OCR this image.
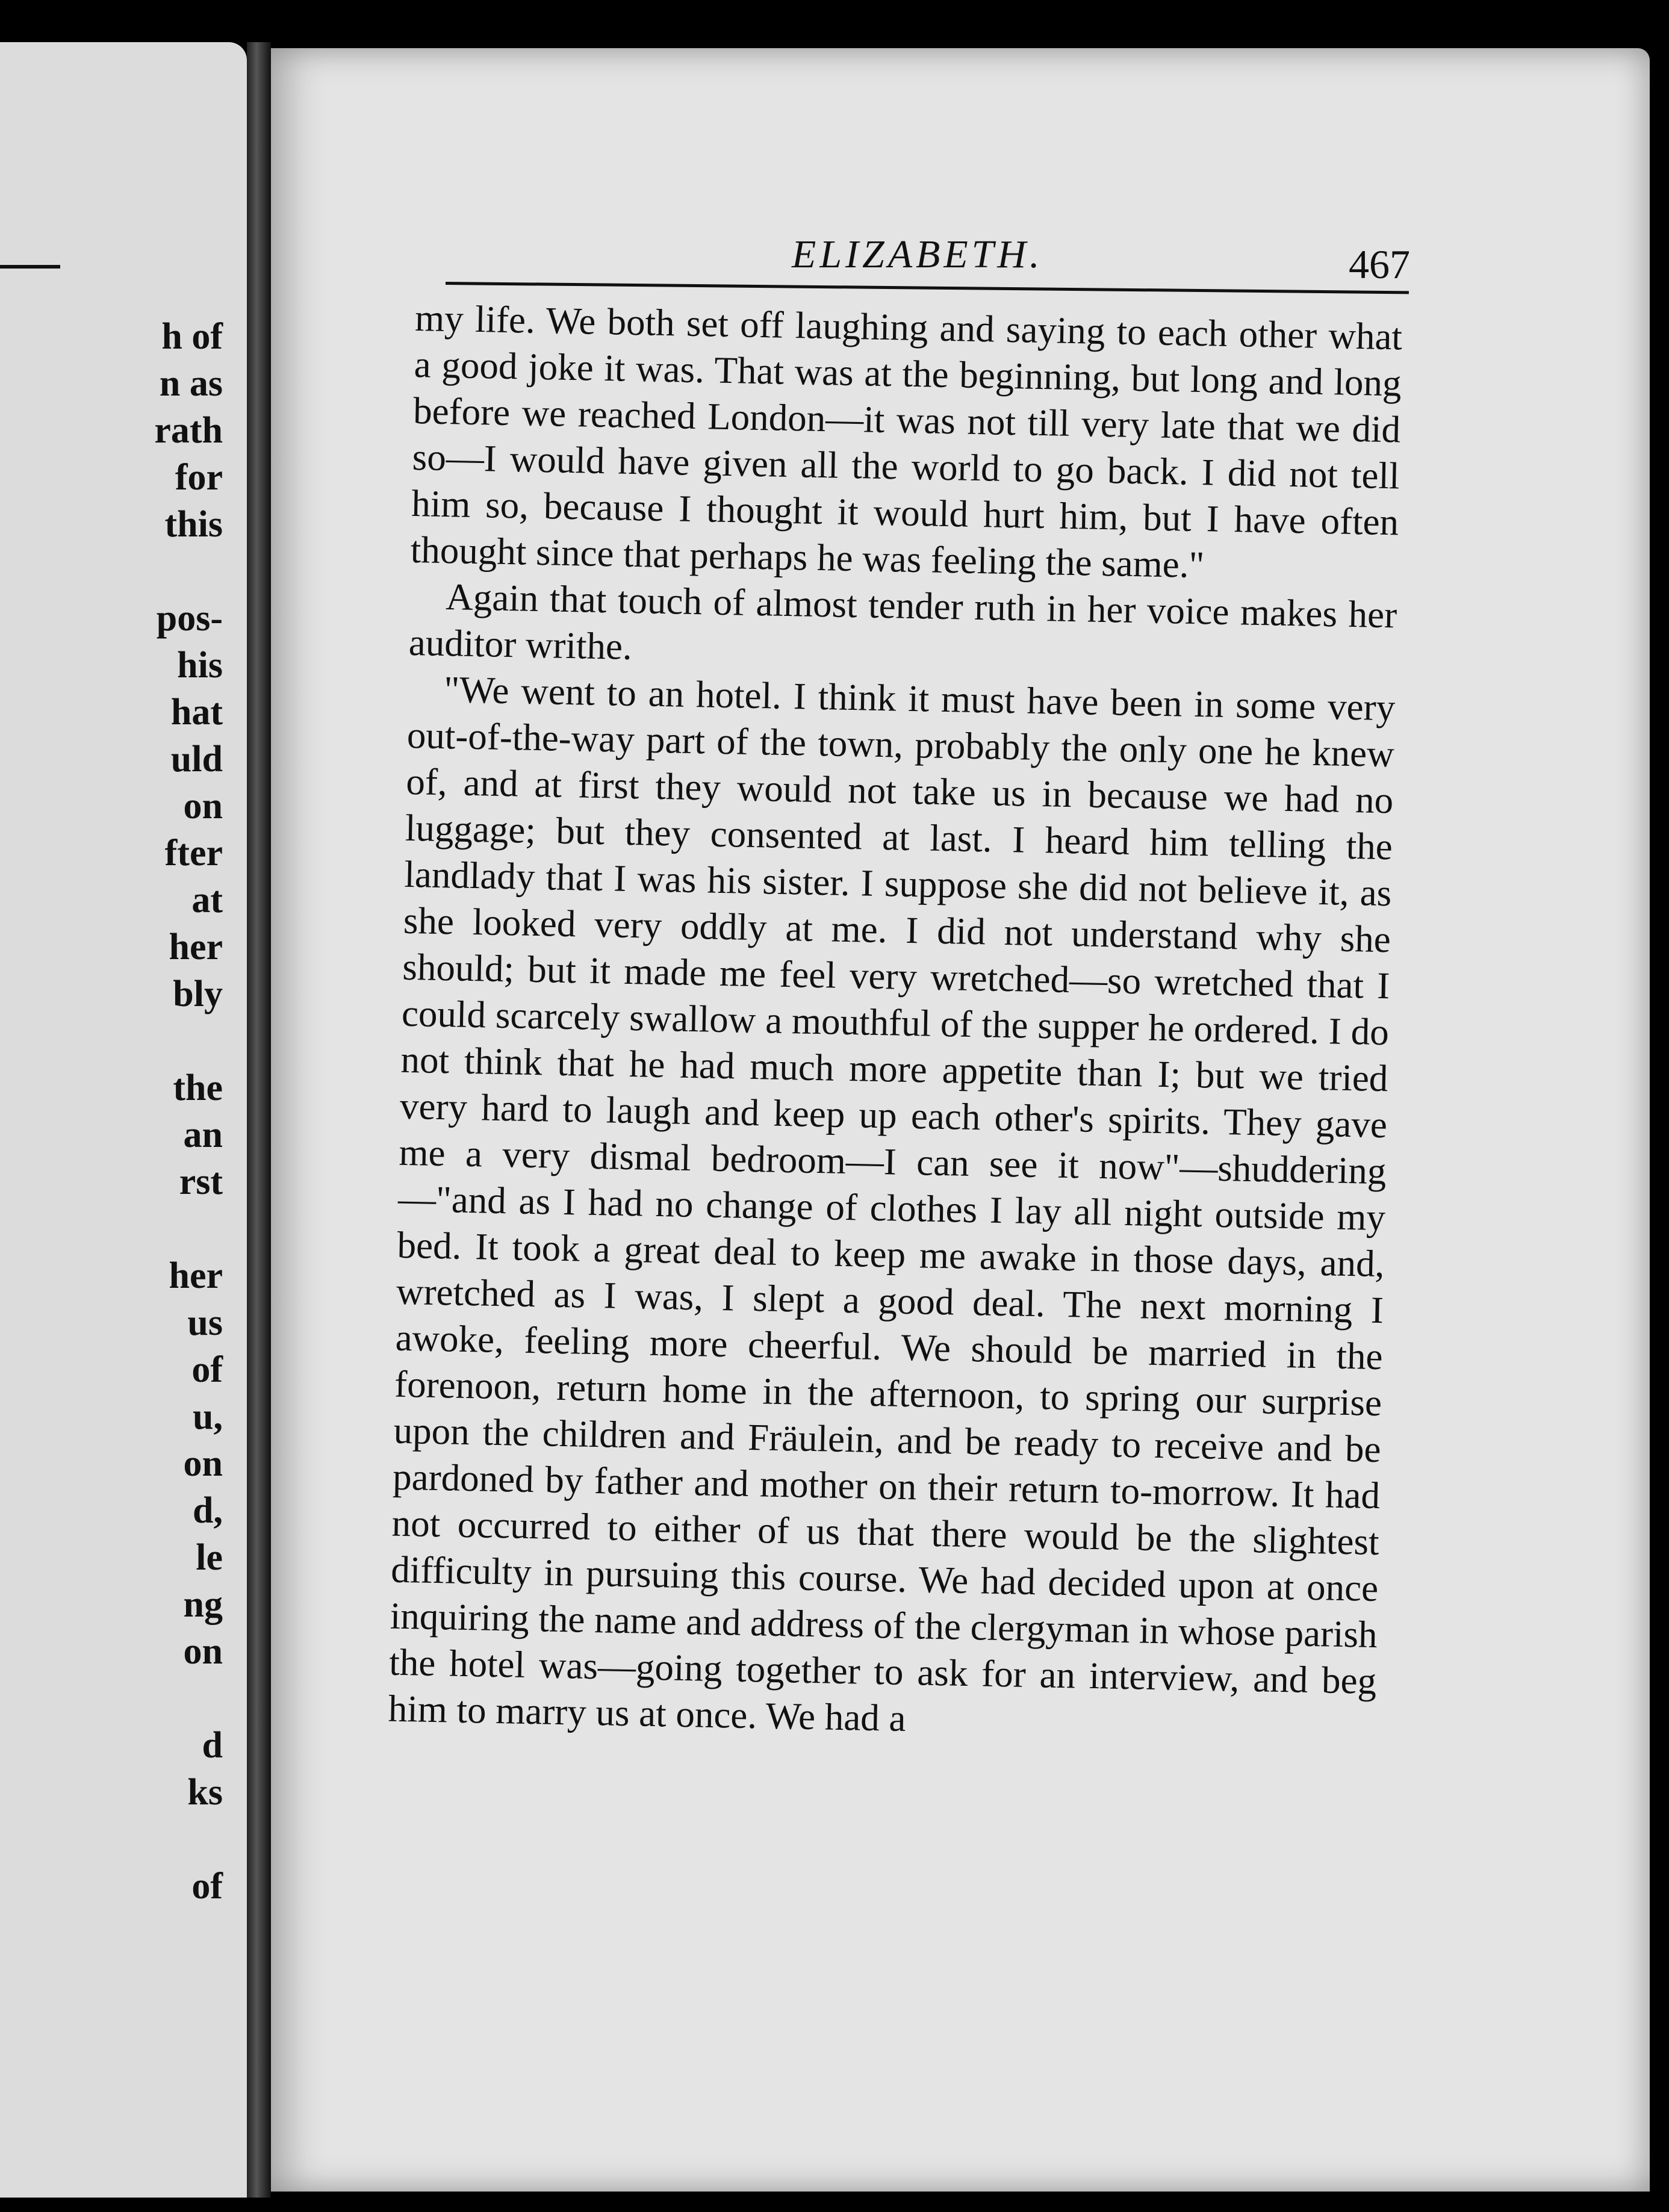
h of
n as
rath
for
this
pos-
his
hat
uld
on
fter
at
her
bly
the
an
rst
her
us
of
u,
on
d,
le
ng
on
d
ks
of
ELIZABETH.	467

my life. We both set off laughing and saying to each other what a good joke it was. That was at the beginning, but long and long before we reached London—it was not till very late that we did so—I would have given all the world to go back. I did not tell him so, because I thought it would hurt him, but I have often thought since that perhaps he was feeling the same."

Again that touch of almost tender ruth in her voice makes her auditor writhe.

"We went to an hotel. I think it must have been in some very out-of-the-way part of the town, probably the only one he knew of, and at first they would not take us in because we had no luggage; but they consented at last. I heard him telling the landlady that I was his sister. I suppose she did not believe it, as she looked very oddly at me. I did not understand why she should; but it made me feel very wretched—so wretched that I could scarcely swallow a mouthful of the supper he ordered. I do not think that he had much more appetite than I; but we tried very hard to laugh and keep up each other's spirits. They gave me a very dismal bedroom—I can see it now"—shuddering—"and as I had no change of clothes I lay all night outside my bed. It took a great deal to keep me awake in those days, and, wretched as I was, I slept a good deal. The next morning I awoke, feeling more cheerful. We should be married in the forenoon, return home in the afternoon, to spring our surprise upon the children and Fräulein, and be ready to receive and be pardoned by father and mother on their return to-morrow. It had not occurred to either of us that there would be the slightest difficulty in pursuing this course. We had decided upon at once inquiring the name and address of the clergyman in whose parish the hotel was—going together to ask for an interview, and beg him to marry us at once. We had a
